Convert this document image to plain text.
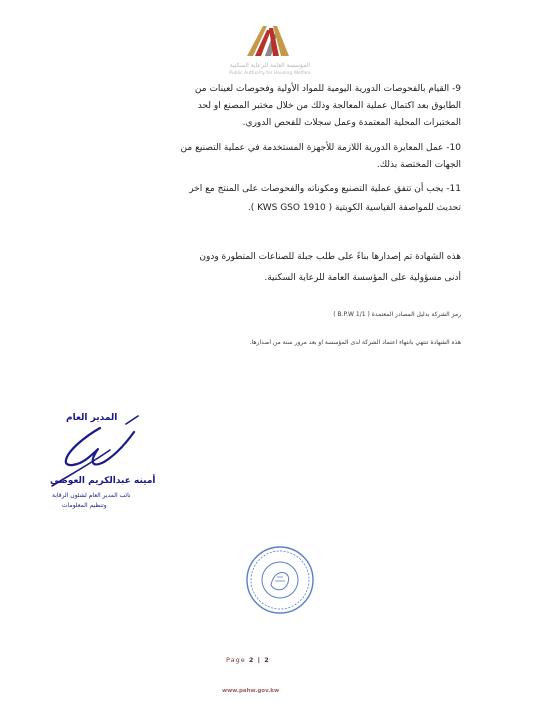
المؤسسة العامة للرعاية السكنية
Public Authority for Housing Welfare
9- القيام بالفحوصات الدورية اليومية للمواد الأولية وفحوصات لعينات من
الطابوق بعد اكتمال عملية المعالجة وذلك من خلال مختبر المصنع او لحد
المختبرات المحلية المعتمدة وعمل سجلات للفحص الدوري.
10- عمل المعايرة الدورية اللازمة للأجهزة المستخدمة في عملية التصنيع من
الجهات المختصة بذلك.
11- يجب أن تتفق عملية التصنيع ومكوناته والفحوصات على المنتج مع اخر
تحديث للمواصفة القياسية الكويتية ( KWS GSO 1910 ).
هذه الشهادة تم إصدارها بناءً على طلب جبلة للصناعات المتطورة ودون
أدنى مسؤولية على المؤسسة العامة للرعاية السكنية.
رمز الشركة بدليل المصادر المعتمدة ( B.P.W 1/1 )
هذه الشهادة تنتهي بانتهاء اعتماد الشركة لدى المؤسسة او بعد مرور سنة من اصدارها.
المدير العام
أمينه عبدالكريم العوضي
نائب المدير العام لشئون الرقابة
وتنظيم المعلومات
Page 2 | 2
www.pahw.gov.kw
